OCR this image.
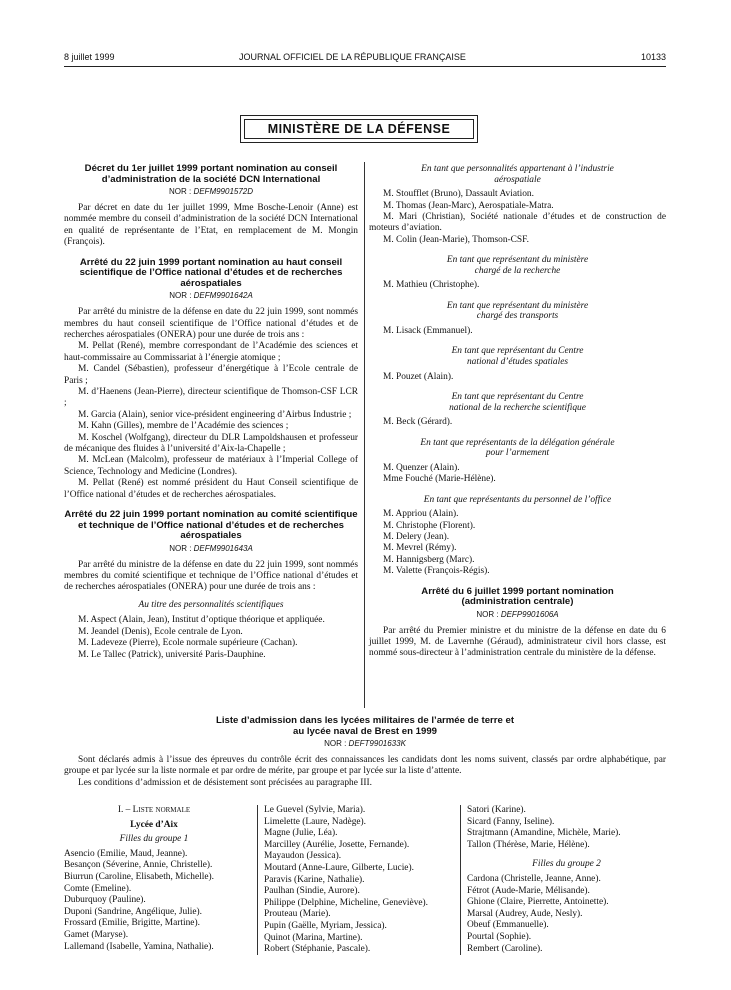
8 juillet 1999	JOURNAL OFFICIEL DE LA RÉPUBLIQUE FRANÇAISE	10133
MINISTÈRE DE LA DÉFENSE
Décret du 1er juillet 1999 portant nomination au conseil d’administration de la société DCN International
NOR : DEFM9901572D

Par décret en date du 1er juillet 1999, Mme Bosche-Lenoir (Anne) est nommée membre du conseil d’administration de la société DCN International en qualité de représentante de l’Etat, en remplacement de M. Mongin (François).

Arrêté du 22 juin 1999 portant nomination au haut conseil scientifique de l’Office national d’études et de recherches aérospatiales
NOR : DEFM9901642A

Par arrêté du ministre de la défense en date du 22 juin 1999, sont nommés membres du haut conseil scientifique de l’Office national d’études et de recherches aérospatiales (ONERA) pour une durée de trois ans :

M. Pellat (René), membre correspondant de l’Académie des sciences et haut-commissaire au Commissariat à l’énergie atomique ;

M. Candel (Sébastien), professeur d’énergétique à l’Ecole centrale de Paris ;

M. d’Haenens (Jean-Pierre), directeur scientifique de Thomson-CSF LCR ;

M. Garcia (Alain), senior vice-président engineering d’Airbus Industrie ;

M. Kahn (Gilles), membre de l’Académie des sciences ;

M. Koschel (Wolfgang), directeur du DLR Lampoldshausen et professeur de mécanique des fluides à l’université d’Aix-la-Chapelle ;

M. McLean (Malcolm), professeur de matériaux à l’Imperial College of Science, Technology and Medicine (Londres).

M. Pellat (René) est nommé président du Haut Conseil scientifique de l’Office national d’études et de recherches aérospatiales.

Arrêté du 22 juin 1999 portant nomination au comité scientifique et technique de l’Office national d’études et de recherches aérospatiales
NOR : DEFM9901643A

Par arrêté du ministre de la défense en date du 22 juin 1999, sont nommés membres du comité scientifique et technique de l’Office national d’études et de recherches aérospatiales (ONERA) pour une durée de trois ans :

Au titre des personnalités scientifiques

M. Aspect (Alain, Jean), Institut d’optique théorique et appliquée.

M. Jeandel (Denis), Ecole centrale de Lyon.

M. Ladeveze (Pierre), Ecole normale supérieure (Cachan).

M. Le Tallec (Patrick), université Paris-Dauphine.

En tant que personnalités appartenant à l’industrie aérospatiale

M. Stoufflet (Bruno), Dassault Aviation.

M. Thomas (Jean-Marc), Aerospatiale-Matra.

M. Mari (Christian), Société nationale d’études et de construction de moteurs d’aviation.

M. Colin (Jean-Marie), Thomson-CSF.

En tant que représentant du ministère chargé de la recherche

M. Mathieu (Christophe).

En tant que représentant du ministère chargé des transports

M. Lisack (Emmanuel).

En tant que représentant du Centre national d’études spatiales

M. Pouzet (Alain).

En tant que représentant du Centre national de la recherche scientifique

M. Beck (Gérard).

En tant que représentants de la délégation générale pour l’armement

M. Quenzer (Alain).

Mme Fouché (Marie-Hélène).

En tant que représentants du personnel de l’office

M. Appriou (Alain).

M. Christophe (Florent).

M. Delery (Jean).

M. Mevrel (Rémy).

M. Hannigsberg (Marc).

M. Valette (François-Régis).

Arrêté du 6 juillet 1999 portant nomination (administration centrale)
NOR : DEFP9901606A

Par arrêté du Premier ministre et du ministre de la défense en date du 6 juillet 1999, M. de Lavernhe (Géraud), administrateur civil hors classe, est nommé sous-directeur à l’administration centrale du ministère de la défense.

Liste d’admission dans les lycées militaires de l’armée de terre et au lycée naval de Brest en 1999
NOR : DEFT9901633K

Sont déclarés admis à l’issue des épreuves du contrôle écrit des connaissances les candidats dont les noms suivent, classés par ordre alphabétique, par groupe et par lycée sur la liste normale et par ordre de mérite, par groupe et par lycée sur la liste d’attente.

Les conditions d’admission et de désistement sont précisées au paragraphe III.

I. – Liste normale
Lycée d’Aix
Filles du groupe 1
Asencio (Emilie, Maud, Jeanne).
Besançon (Séverine, Annie, Christelle).
Biurrun (Caroline, Elisabeth, Michelle).
Comte (Emeline).
Duburquoy (Pauline).
Duponi (Sandrine, Angélique, Julie).
Frossard (Emilie, Brigitte, Martine).
Gamet (Maryse).
Lallemand (Isabelle, Yamina, Nathalie).
Le Guevel (Sylvie, Maria).
Limelette (Laure, Nadège).
Magne (Julie, Léa).
Marcilley (Aurélie, Josette, Fernande).
Mayaudon (Jessica).
Moutard (Anne-Laure, Gilberte, Lucie).
Paravis (Karine, Nathalie).
Paulhan (Sindie, Aurore).
Philippe (Delphine, Micheline, Geneviève).
Prouteau (Marie).
Pupin (Gaëlle, Myriam, Jessica).
Quinot (Marina, Martine).
Robert (Stéphanie, Pascale).
Satori (Karine).
Sicard (Fanny, Iseline).
Strajtmann (Amandine, Michèle, Marie).
Tallon (Thérèse, Marie, Hélène).
Filles du groupe 2
Cardona (Christelle, Jeanne, Anne).
Fétrot (Aude-Marie, Mélisande).
Ghione (Claire, Pierrette, Antoinette).
Marsal (Audrey, Aude, Nesly).
Obeuf (Emmanuelle).
Pourtal (Sophie).
Rembert (Caroline).
